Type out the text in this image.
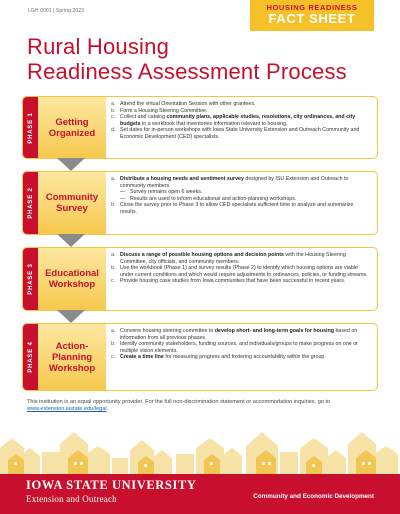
LGH 0001 | Spring 2023	HOUSING READINESS
FACT SHEET
Rural Housing
Readiness Assessment Process
PHASE 1	Getting
Organized
a. Attend the virtual Orientation Session with other grantees.
b. Form a Housing Steering Committee.
c. Collect and catalog community plans, applicable studies, resolutions, city ordinances, and city budgets in a workbook that inventories information relevant to housing.
d. Set dates for in-person workshops with Iowa State University Extension and Outreach Community and Economic Development (CED) specialists.
PHASE 2 Community
Survey
a. Distribute a housing needs and sentiment survey designed by ISU Extension and Outreach to community members.
— Survey remains open 6 weeks.
— Results are used to inform educational and action-planning workshops.
b. Close the survey prior to Phase 3 to allow CED specialists sufficient time to analyze and summarize results.
PHASE 3 Educational
Workshop
a. Discuss a range of possible housing options and decision points with the Housing Steering Committee, city officials, and community members.
b. Use the workbook (Phase 1) and survey results (Phase 2) to identify which housing options are viable under current conditions and which would require adjustments to ordinances, policies, or funding streams.
c. Provide housing case studies from Iowa communities that have been successful in recent years.
PHASE 4	Action-
Planning
Workshop
a. Convene housing steering committee to develop short- and long-term goals for housing based on information from all previous phases.
b. Identify community stakeholders, funding sources, and individuals/groups to make progress on one or multiple vision elements.
c. Create a time line for measuring progress and fostering accountability within the group.
This institution is an equal opportunity provider. For the full non-discrimination statement or accommodation inquiries, go to www.extension.iastate.edu/legal.
IOWA STATE UNIVERSITY
Extension and Outreach	Community and Economic Development
